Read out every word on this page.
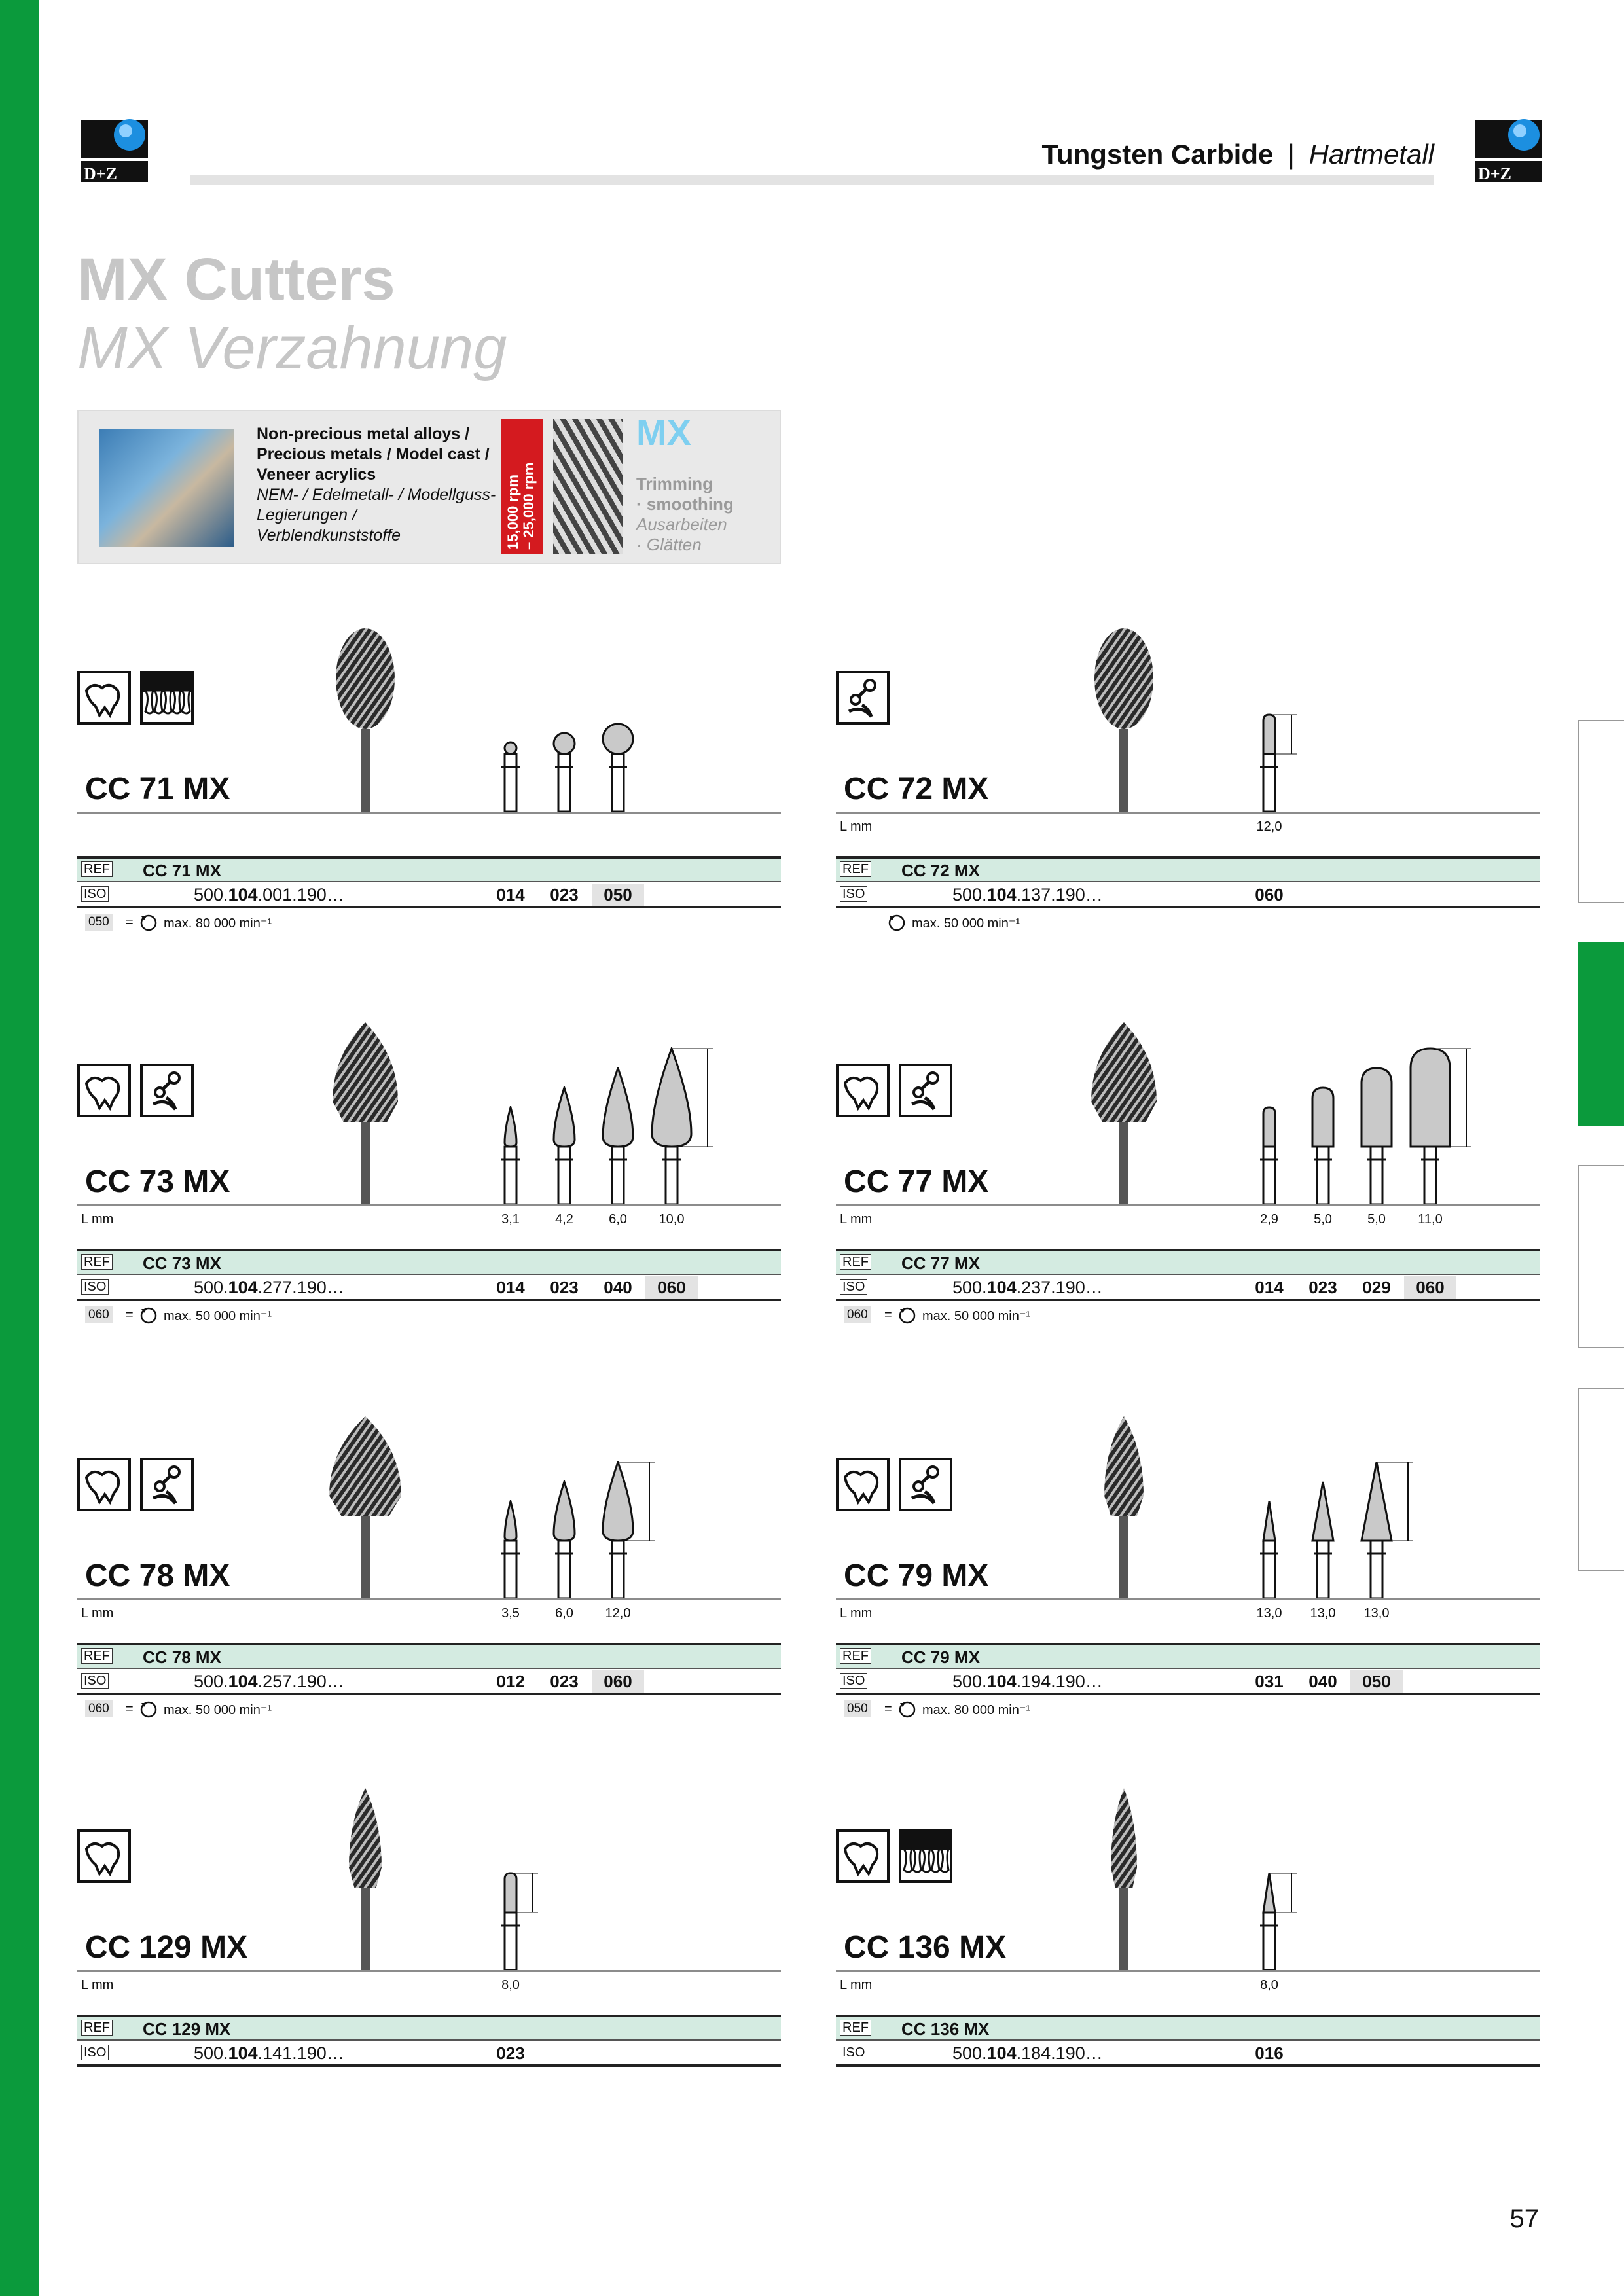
D+Z	D+Z
Tungsten Carbide | Hartmetall
MX Cutters
MX Verzahnung
Non-precious metal alloys / Precious metals / Model cast / Veneer acrylics
NEM- / Edelmetall- / Modellguss-Legierungen / Verblendkunststoffe	15,000 rpm
– 25,000 rpm
MX
Trimming
· smoothing
Ausarbeiten
· Glätten
CC 71 MX
REF CC 71 MX
ISO	500.104.001.190…	014	023	050
050 = max. 80 000 min⁻¹
CC 72 MX
L mm	12,0
REF CC 72 MX
ISO	500.104.137.190…	060
max. 50 000 min⁻¹
CC 73 MX
L mm	3,1	4,2	6,0	10,0
REF CC 73 MX
ISO	500.104.277.190…	014	023	040	060
060 = max. 50 000 min⁻¹
CC 77 MX
L mm	2,9	5,0	5,0	11,0
REF CC 77 MX
ISO	500.104.237.190…	014	023	029	060
060 = max. 50 000 min⁻¹
CC 78 MX
L mm	3,5	6,0	12,0
REF CC 78 MX
ISO	500.104.257.190…	012	023	060
060 = max. 50 000 min⁻¹
CC 79 MX
L mm	13,0	13,0	13,0
REF CC 79 MX
ISO	500.104.194.190…	031	040	050
050 = max. 80 000 min⁻¹
CC 129 MX
L mm	8,0
REF CC 129 MX
ISO	500.104.141.190…	023
CC 136 MX
L mm	8,0
REF CC 136 MX
ISO	500.104.184.190…	016
57
